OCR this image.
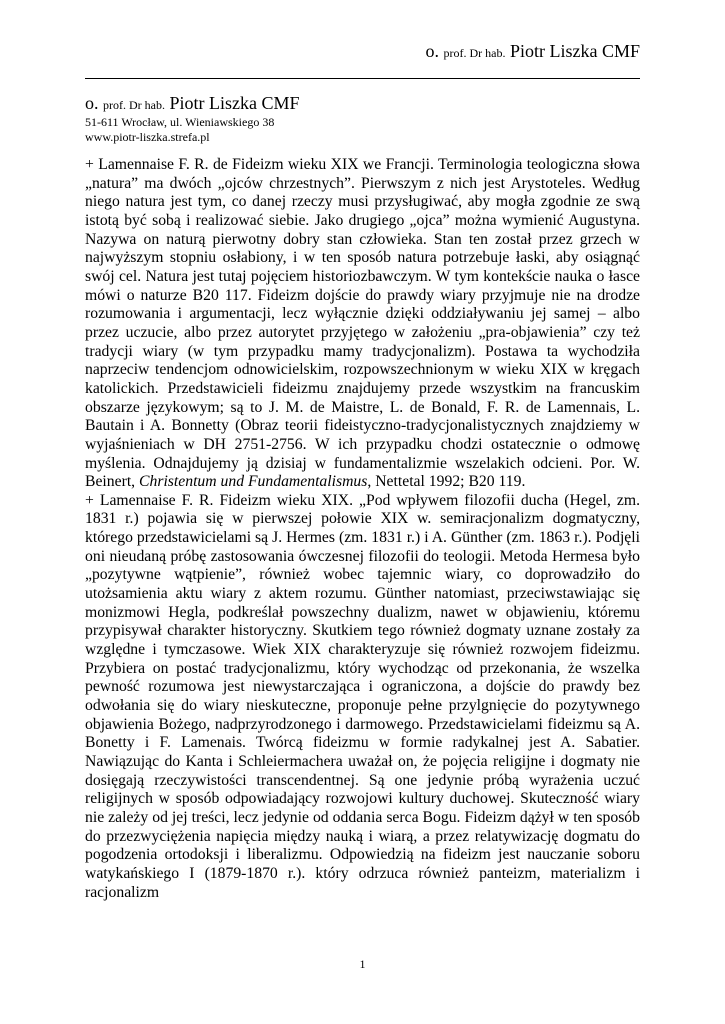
o. prof. Dr hab. Piotr Liszka CMF
o. prof. Dr hab. Piotr Liszka CMF
51-611 Wrocław, ul. Wieniawskiego 38
www.piotr-liszka.strefa.pl

+ Lamennaise F. R. de Fideizm wieku XIX we Francji. Terminologia teologiczna słowa „natura” ma dwóch „ojców chrzestnych”. Pierwszym z nich jest Arystoteles. Według niego natura jest tym, co danej rzeczy musi przysługiwać, aby mogła zgodnie ze swą istotą być sobą i realizować siebie. Jako drugiego „ojca” można wymienić Augustyna. Nazywa on naturą pierwotny dobry stan człowieka. Stan ten został przez grzech w najwyższym stopniu osłabiony, i w ten sposób natura potrzebuje łaski, aby osiągnąć swój cel. Natura jest tutaj pojęciem historiozbawczym. W tym kontekście nauka o łasce mówi o naturze B20 117. Fideizm dojście do prawdy wiary przyjmuje nie na drodze rozumowania i argumentacji, lecz wyłącznie dzięki oddziaływaniu jej samej – albo przez uczucie, albo przez autorytet przyjętego w założeniu „pra-objawienia” czy też tradycji wiary (w tym przypadku mamy tradycjonalizm). Postawa ta wychodziła naprzeciw tendencjom odnowicielskim, rozpowszechnionym w wieku XIX w kręgach katolickich. Przedstawicieli fideizmu znajdujemy przede wszystkim na francuskim obszarze językowym; są to J. M. de Maistre, L. de Bonald, F. R. de Lamennais, L. Bautain i A. Bonnetty (Obraz teorii fideistyczno-tradycjonalistycznych znajdziemy w wyjaśnieniach w DH 2751-2756. W ich przypadku chodzi ostatecznie o odmowę myślenia. Odnajdujemy ją dzisiaj w fundamentalizmie wszelakich odcieni. Por. W. Beinert, Christentum und Fundamentalismus, Nettetal 1992; B20 119.

+ Lamennaise F. R. Fideizm wieku XIX. „Pod wpływem filozofii ducha (Hegel, zm. 1831 r.) pojawia się w pierwszej połowie XIX w. semiracjonalizm dogmatyczny, którego przedstawicielami są J. Hermes (zm. 1831 r.) i A. Günther (zm. 1863 r.). Podjęli oni nieudaną próbę zastosowania ówczesnej filozofii do teologii. Metoda Hermesa było „pozytywne wątpienie”, również wobec tajemnic wiary, co doprowadziło do utożsamienia aktu wiary z aktem rozumu. Günther natomiast, przeciwstawiając się monizmowi Hegla, podkreślał powszechny dualizm, nawet w objawieniu, któremu przypisywał charakter historyczny. Skutkiem tego również dogmaty uznane zostały za względne i tymczasowe. Wiek XIX charakteryzuje się również rozwojem fideizmu. Przybiera on postać tradycjonalizmu, który wychodząc od przekonania, że wszelka pewność rozumowa jest niewystarczająca i ograniczona, a dojście do prawdy bez odwołania się do wiary nieskuteczne, proponuje pełne przylgnięcie do pozytywnego objawienia Bożego, nadprzyrodzonego i darmowego. Przedstawicielami fideizmu są A. Bonetty i F. Lamenais. Twórcą fideizmu w formie radykalnej jest A. Sabatier. Nawiązując do Kanta i Schleiermachera uważał on, że pojęcia religijne i dogmaty nie dosięgają rzeczywistości transcendentnej. Są one jedynie próbą wyrażenia uczuć religijnych w sposób odpowiadający rozwojowi kultury duchowej. Skuteczność wiary nie zależy od jej treści, lecz jedynie od oddania serca Bogu. Fideizm dążył w ten sposób do przezwyciężenia napięcia między nauką i wiarą, a przez relatywizację dogmatu do pogodzenia ortodoksji i liberalizmu. Odpowiedzią na fideizm jest nauczanie soboru watykańskiego I (1879-1870 r.). który odrzuca również panteizm, materializm i racjonalizm

1
